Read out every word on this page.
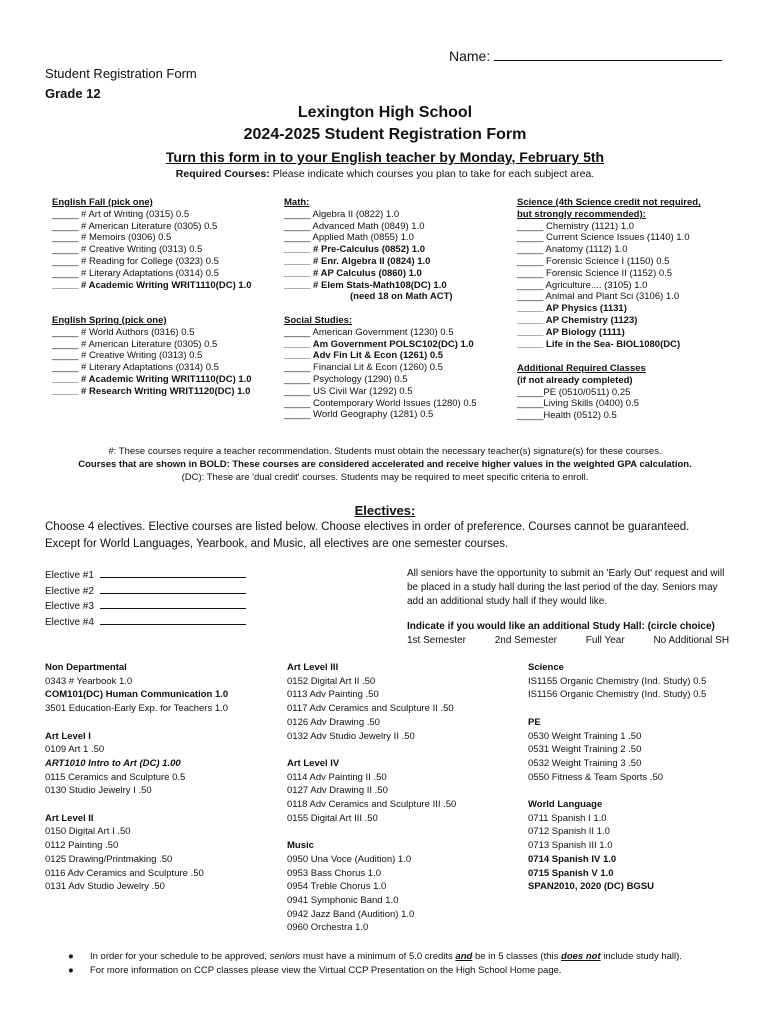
Name:
Student Registration Form
Grade 12
Lexington High School
2024-2025 Student Registration Form
Turn this form in to your English teacher by Monday, February 5th
Required Courses: Please indicate which courses you plan to take for each subject area.
English Fall (pick one)
_____ # Art of Writing (0315) 0.5
_____ # American Literature (0305) 0.5
_____ # Memoirs (0306) 0.5
_____ # Creative Writing (0313) 0.5
_____ # Reading for College (0323) 0.5
_____ # Literary Adaptations (0314) 0.5
_____ # Academic Writing WRIT1110(DC) 1.0
English Spring (pick one)
_____ # World Authors (0316) 0.5
_____ # American Literature (0305) 0.5
_____ # Creative Writing (0313) 0.5
_____ # Literary Adaptations (0314) 0.5
_____ # Academic Writing WRIT1110(DC) 1.0
_____ # Research Writing WRIT1120(DC) 1.0
Math:
_____ Algebra II (0822) 1.0
_____ Advanced Math (0849) 1.0
_____ Applied Math (0855) 1.0
_____ # Pre-Calculus (0852) 1.0
_____ # Enr. Algebra II (0824) 1.0
_____ # AP Calculus (0860) 1.0
_____ # Elem Stats-Math108(DC) 1.0
(need 18 on Math ACT)
Social Studies:
_____ American Government (1230) 0.5
_____ Am Government POLSC102(DC) 1.0
_____ Adv Fin Lit & Econ (1261) 0.5
_____ Financial Lit & Econ (1260) 0.5
_____ Psychology (1290) 0.5
_____ US Civil War (1292) 0.5
_____ Contemporary World Issues (1280) 0.5
_____ World Geography (1281) 0.5
Science (4th Science credit not required,
but strongly recommended):
_____ Chemistry (1121) 1.0
_____ Current Science Issues (1140) 1.0
_____ Anatomy (1112) 1.0
_____ Forensic Science I (1150) 0.5
_____ Forensic Science II (1152) 0.5
_____ Agriculture.... (3105) 1.0
_____ Animal and Plant Sci (3106) 1.0
_____ AP Physics (1131)
_____ AP Chemistry (1123)
_____ AP Biology (1111)
_____ Life in the Sea- BIOL1080(DC)
Additional Required Classes
(if not already completed)
_____PE (0510/0511) 0.25
_____Living Skills (0400) 0.5
_____Health (0512) 0.5
#: These courses require a teacher recommendation. Students must obtain the necessary teacher(s) signature(s) for these courses.
Courses that are shown in BOLD: These courses are considered accelerated and receive higher values in the weighted GPA calculation.
(DC): These are 'dual credit' courses. Students may be required to meet specific criteria to enroll.
Electives:
Choose 4 electives. Elective courses are listed below. Choose electives in order of preference. Courses cannot be guaranteed. Except for World Languages, Yearbook, and Music, all electives are one semester courses.
Elective #1
Elective #2
Elective #3
Elective #4
All seniors have the opportunity to submit an 'Early Out' request and will be placed in a study hall during the last period of the day. Seniors may add an additional study hall if they would like.
Indicate if you would like an additional Study Hall: (circle choice)
1st Semester	2nd Semester	Full Year	No Additional SH
Non Departmental
0343 # Yearbook 1.0
COM101(DC) Human Communication 1.0
3501 Education-Early Exp. for Teachers 1.0
Art Level I
0109 Art 1 .50
ART1010 Intro to Art (DC) 1.00
0115 Ceramics and Sculpture 0.5
0130 Studio Jewelry I .50
Art Level II
0150 Digital Art I .50
0112 Painting .50
0125 Drawing/Printmaking .50
0116 Adv Ceramics and Sculpture .50
0131 Adv Studio Jewelry .50
Art Level III
0152 Digital Art II .50
0113 Adv Painting .50
0117 Adv Ceramics and Sculpture II .50
0126 Adv Drawing .50
0132 Adv Studio Jewelry II .50
Art Level IV
0114 Adv Painting II .50
0127 Adv Drawing II .50
0118 Adv Ceramics and Sculpture III .50
0155 Digital Art III .50
Music
0950 Una Voce (Audition) 1.0
0953 Bass Chorus 1.0
0954 Treble Chorus 1.0
0941 Symphonic Band 1.0
0942 Jazz Band (Audition) 1.0
0960 Orchestra 1.0
Science
IS1155 Organic Chemistry (Ind. Study) 0.5
IS1156 Organic Chemistry (Ind. Study) 0.5
PE
0530 Weight Training 1 .50
0531 Weight Training 2 .50
0532 Weight Training 3 .50
0550 Fitness & Team Sports .50
World Language
0711 Spanish I 1.0
0712 Spanish II 1.0
0713 Spanish III 1.0
0714 Spanish IV 1.0
0715 Spanish V 1.0
SPAN2010, 2020 (DC) BGSU
● In order for your schedule to be approved, seniors must have a minimum of 5.0 credits and be in 5 classes (this does not include study hall).
● For more information on CCP classes please view the Virtual CCP Presentation on the High School Home page.
